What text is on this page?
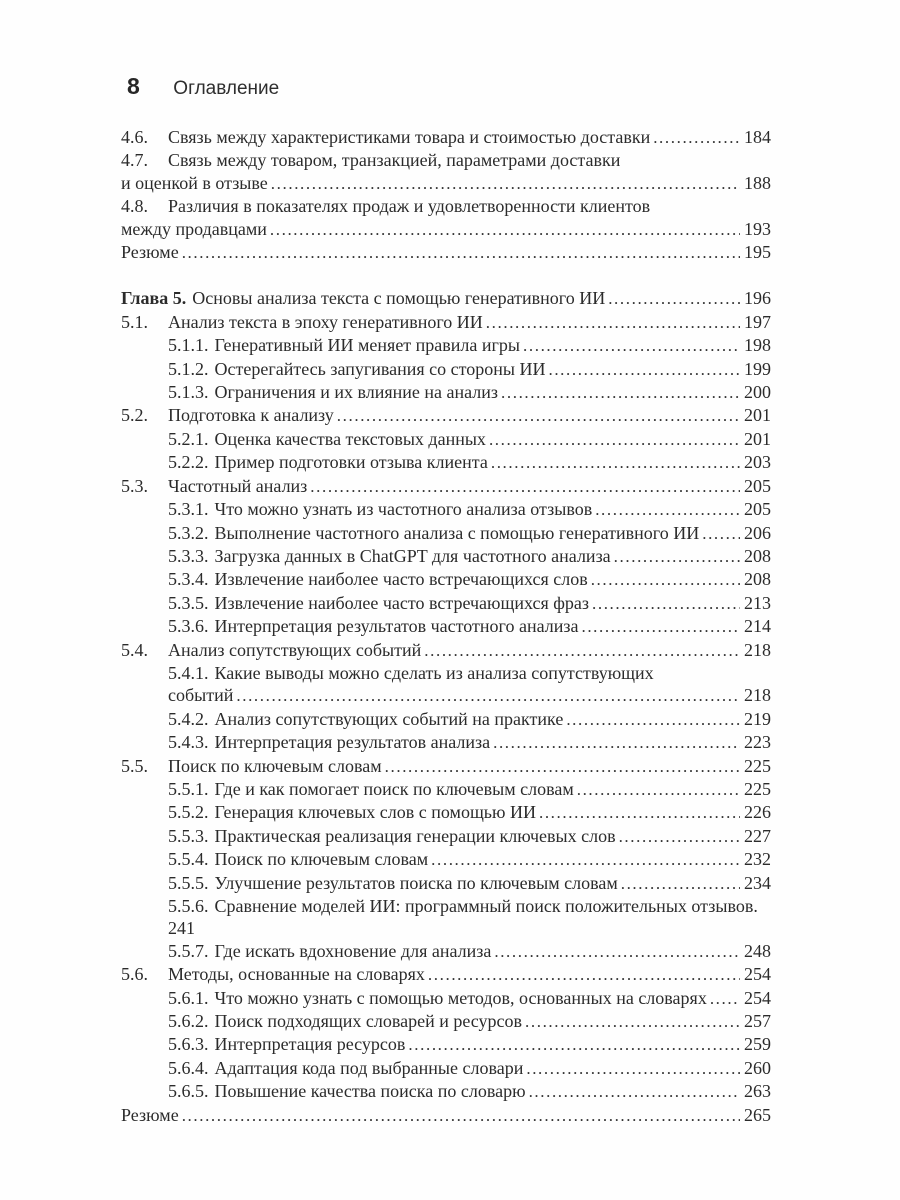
8 Оглавление
4.6.	Связь между характеристиками товара и стоимостью доставки .....	184
4.7.	Связь между товаром, транзакцией, параметрами доставки
и оценкой в отзыве .....	188
4.8.	Различия в показателях продаж и удовлетворенности клиентов
между продавцами .....	193
Резюме .....	195
Глава 5. Основы анализа текста с помощью генеративного ИИ .....	196
5.1.	Анализ текста в эпоху генеративного ИИ .....	197
5.1.1. Генеративный ИИ меняет правила игры .....	198
5.1.2. Остерегайтесь запугивания со стороны ИИ .....	199
5.1.3. Ограничения и их влияние на анализ .....	200
5.2.	Подготовка к анализу .....	201
5.2.1. Оценка качества текстовых данных .....	201
5.2.2. Пример подготовки отзыва клиента .....	203
5.3.	Частотный анализ .....	205
5.3.1. Что можно узнать из частотного анализа отзывов .....	205
5.3.2. Выполнение частотного анализа с помощью генеративного ИИ ..... 206
5.3.3. Загрузка данных в ChatGPT для частотного анализа .....	208
5.3.4. Извлечение наиболее часто встречающихся слов .....	208
5.3.5. Извлечение наиболее часто встречающихся фраз .....	213
5.3.6. Интерпретация результатов частотного анализа .....	214
5.4.	Анализ сопутствующих событий .....	218
5.4.1. Какие выводы можно сделать из анализа сопутствующих
событий .....	218
5.4.2. Анализ сопутствующих событий на практике .....	219
5.4.3. Интерпретация результатов анализа .....	223
5.5.	Поиск по ключевым словам .....	225
5.5.1. Где и как помогает поиск по ключевым словам .....	225
5.5.2. Генерация ключевых слов с помощью ИИ .....	226
5.5.3. Практическая реализация генерации ключевых слов .....	227
5.5.4. Поиск по ключевым словам .....	232
5.5.5. Улучшение результатов поиска по ключевым словам .....	234
5.5.6. Сравнение моделей ИИ: программный поиск положительных отзывов.
241
5.5.7. Где искать вдохновение для анализа .....	248
5.6.	Методы, основанные на словарях .....	254
5.6.1. Что можно узнать с помощью методов, основанных на словарях ..... 254
5.6.2. Поиск подходящих словарей и ресурсов .....	257
5.6.3. Интерпретация ресурсов .....	259
5.6.4. Адаптация кода под выбранные словари .....	260
5.6.5. Повышение качества поиска по словарю .....	263
Резюме .....	265
